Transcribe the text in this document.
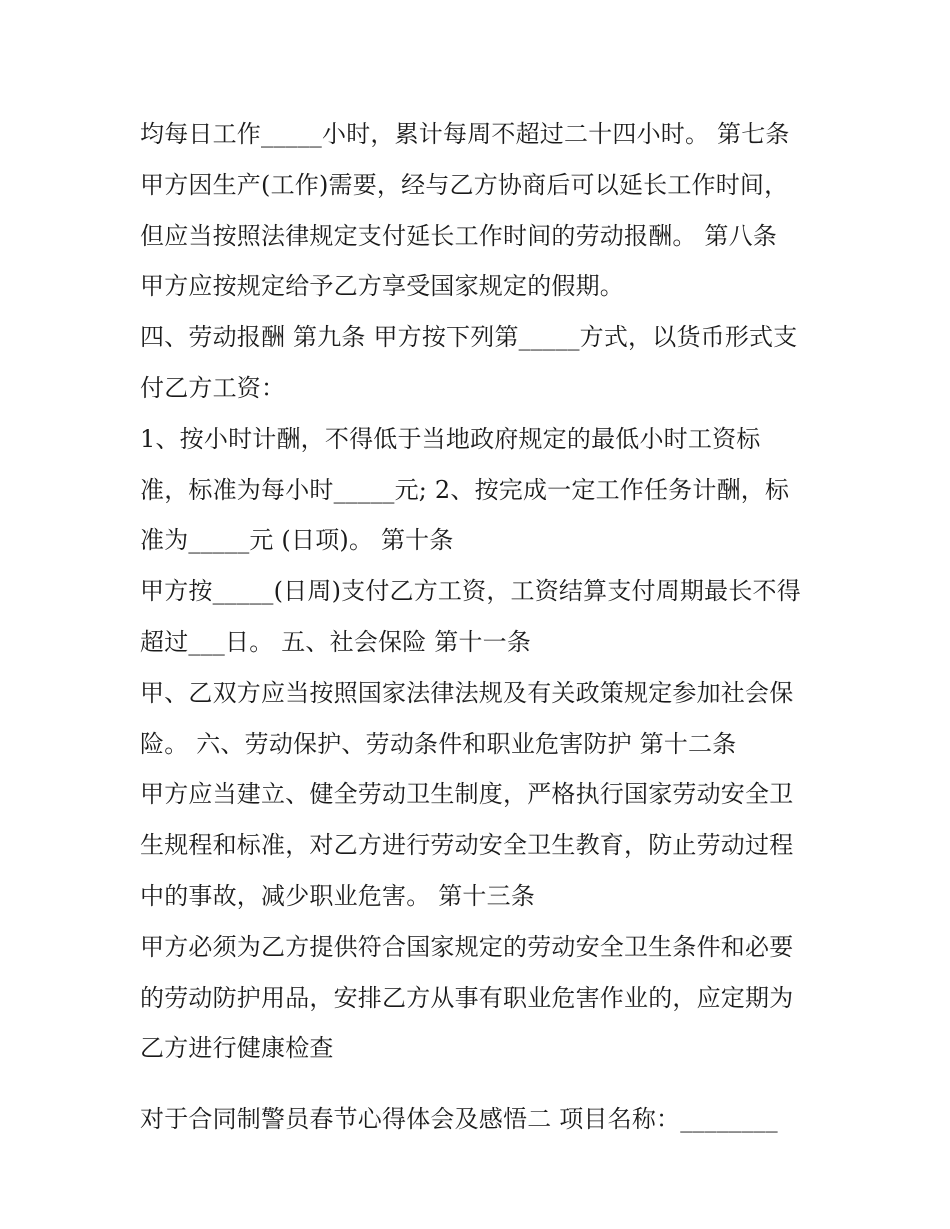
均每日工作_____小时，累计每周不超过二十四小时。 第七条
甲方因生产(工作)需要，经与乙方协商后可以延长工作时间，
但应当按照法律规定支付延长工作时间的劳动报酬。 第八条
甲方应按规定给予乙方享受国家规定的假期。
四、劳动报酬 第九条 甲方按下列第_____方式，以货币形式支
付乙方工资：
1、按小时计酬，不得低于当地政府规定的最低小时工资标
准，标准为每小时_____元; 2、按完成一定工作任务计酬，标
准为_____元 (日项)。 第十条
甲方按_____(日周)支付乙方工资，工资结算支付周期最长不得
超过___日。 五、社会保险 第十一条
甲、乙双方应当按照国家法律法规及有关政策规定参加社会保
险。 六、劳动保护、劳动条件和职业危害防护 第十二条
甲方应当建立、健全劳动卫生制度，严格执行国家劳动安全卫
生规程和标准，对乙方进行劳动安全卫生教育，防止劳动过程
中的事故，减少职业危害。 第十三条
甲方必须为乙方提供符合国家规定的劳动安全卫生条件和必要
的劳动防护用品，安排乙方从事有职业危害作业的，应定期为
乙方进行健康检查
对于合同制警员春节心得体会及感悟二 项目名称：________
